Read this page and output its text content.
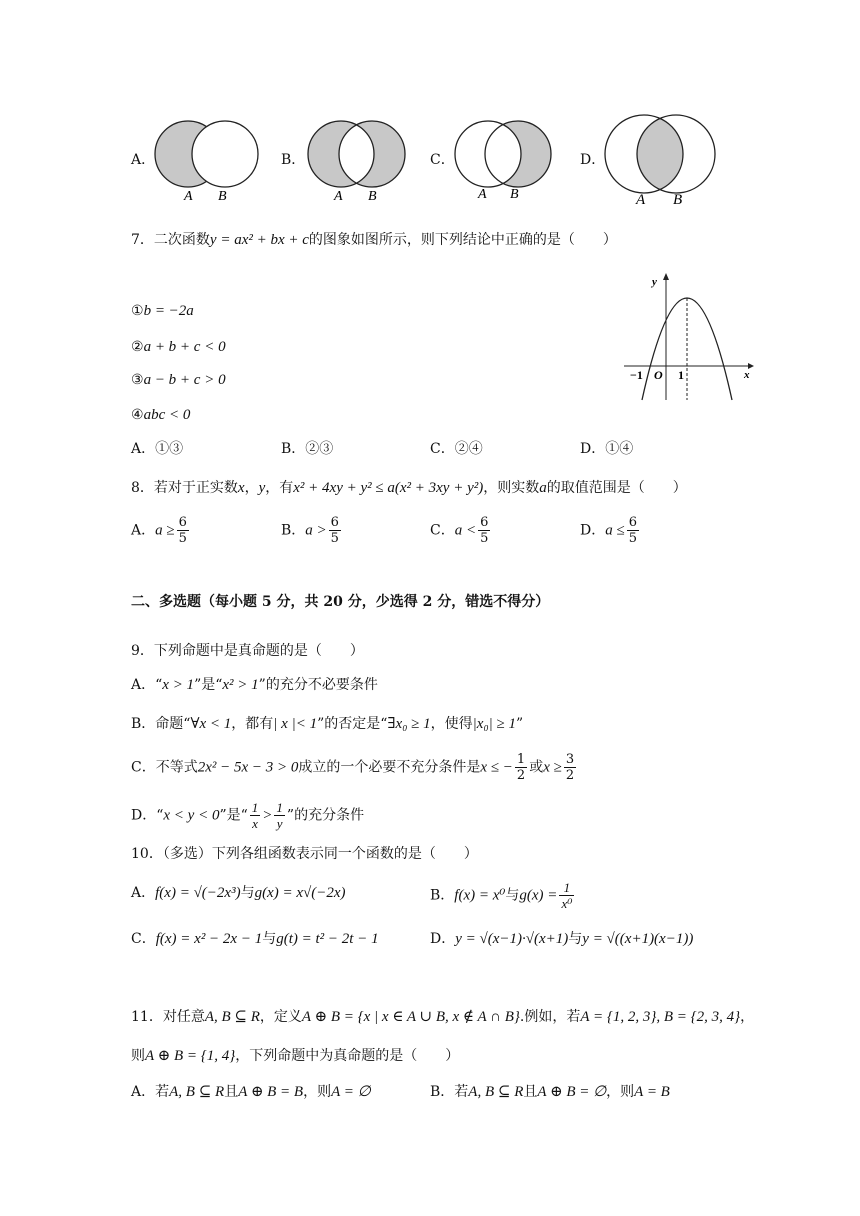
A．
A B
B．
A B
C．
A B
D．
A B
7．二次函数y = ax² + bx + c的图象如图所示，则下列结论中正确的是（　　）
①b = −2a
②a + b + c < 0
③a − b + c > 0
④abc < 0
y
x
−1 O 1
A．①③	B．②③	C．②④	D．①④
8．若对于正实数x，y，有x² + 4xy + y² ≤ a(x² + 3xy + y²)，则实数a的取值范围是（　　）
A．$a \ge \frac{6}{5}$	B．$a > \frac{6}{5}$	C．$a < \frac{6}{5}$	D．$a \le \frac{6}{5}$
二、多选题（每小题 5 分，共 20 分，少选得 2 分，错选不得分）
9．下列命题中是真命题的是（　　）
A．“x > 1”是“x² > 1”的充分不必要条件
B．命题“∀x < 1，都有| x |< 1”的否定是“∃x₀ ≥ 1，使得|x₀| ≥ 1”
C．不等式2x² − 5x − 3 > 0成立的一个必要不充分条件是x ≤ − $\frac{1}{2}$ 或$x \ge \frac{3}{2}$
D．“x < y < 0”是“ $\frac{1}{x} > \frac{1}{y}$ ”的充分条件
10．（多选）下列各组函数表示同一个函数的是（　　）
A．f(x) = √(−2x³)与g(x) = x√(−2x)	B．f(x) = x⁰与$g(x) = \frac{1}{\text{x⁰}}$
C．f(x) = x² − 2x − 1与g(t) = t² − 2t − 1	D．y = √(x−1)·√(x+1)与y = √((x+1)(x−1))
11．对任意A, B ⊆ R，定义A ⊕ B = {x | x ∈ A ∪ B, x ∉ A ∩ B}.例如，若A = {1, 2, 3}, B = {2, 3, 4}，
则A ⊕ B = {1, 4}，下列命题中为真命题的是（　　）
A．若A, B ⊆ R且A ⊕ B = B，则A = ∅	B．若A, B ⊆ R且A ⊕ B = ∅，则A = B
